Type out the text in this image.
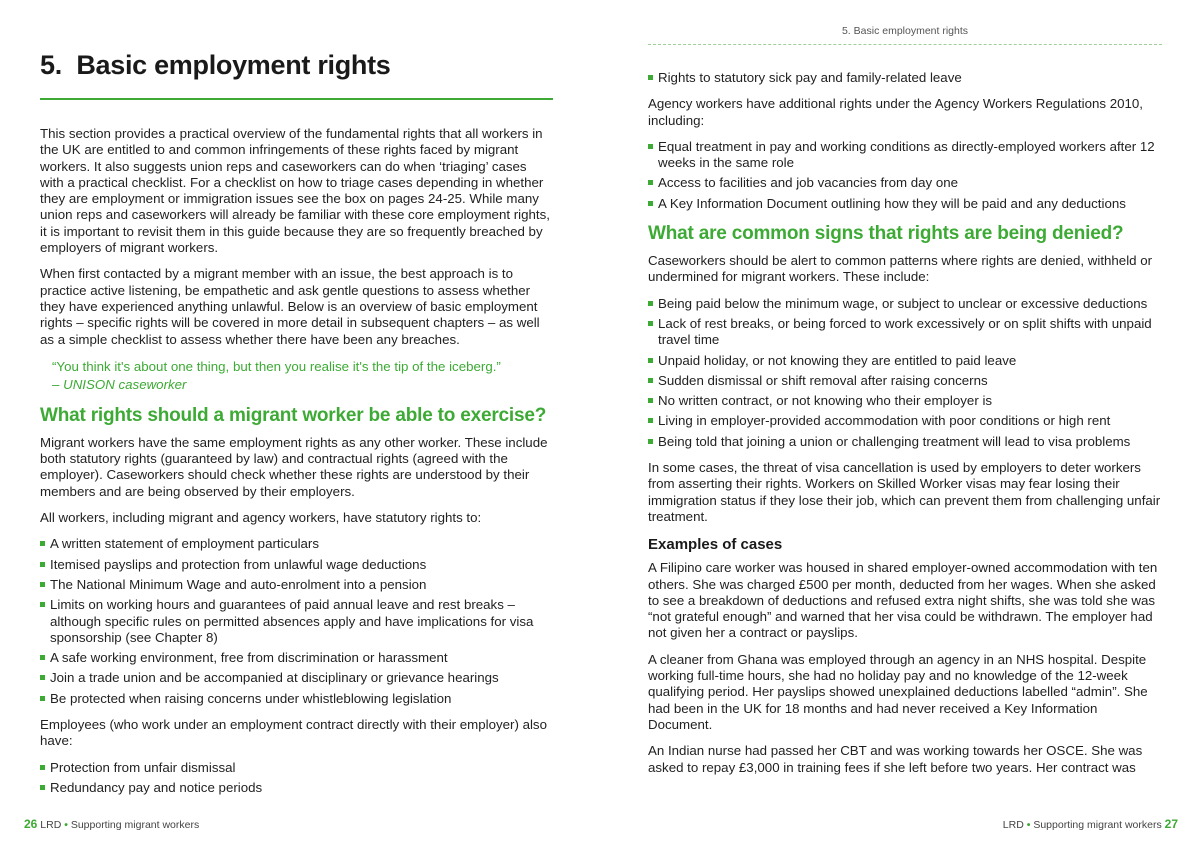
5. Basic employment rights

This section provides a practical overview of the fundamental rights that all workers in the UK are entitled to and common infringements of these rights faced by migrant workers. It also suggests union reps and caseworkers can do when ‘triaging’ cases with a practical checklist. For a checklist on how to triage cases depending in whether they are employment or immigration issues see the box on pages 24-25. While many union reps and caseworkers will already be familiar with these core employment rights, it is important to revisit them in this guide because they are so frequently breached by employers of migrant workers.

When first contacted by a migrant member with an issue, the best approach is to practice active listening, be empathetic and ask gentle questions to assess whether they have experienced anything unlawful. Below is an overview of basic employment rights – specific rights will be covered in more detail in subsequent chapters – as well as a simple checklist to assess whether there have been any breaches.

“You think it's about one thing, but then you realise it's the tip of the iceberg.”
– UNISON caseworker
What rights should a migrant worker be able to exercise?

Migrant workers have the same employment rights as any other worker. These include both statutory rights (guaranteed by law) and contractual rights (agreed with the employer). Caseworkers should check whether these rights are understood by their members and are being observed by their employers.

All workers, including migrant and agency workers, have statutory rights to:

A written statement of employment particulars
Itemised payslips and protection from unlawful wage deductions
The National Minimum Wage and auto-enrolment into a pension
Limits on working hours and guarantees of paid annual leave and rest breaks – although specific rules on permitted absences apply and have implications for visa sponsorship (see Chapter 8)
A safe working environment, free from discrimination or harassment
Join a trade union and be accompanied at disciplinary or grievance hearings
Be protected when raising concerns under whistleblowing legislation

Employees (who work under an employment contract directly with their employer) also have:

Protection from unfair dismissal
Redundancy pay and notice periods
26 LRD • Supporting migrant workers
5. Basic employment rights
Rights to statutory sick pay and family-related leave

Agency workers have additional rights under the Agency Workers Regulations 2010, including:

Equal treatment in pay and working conditions as directly-employed workers after 12 weeks in the same role
Access to facilities and job vacancies from day one
A Key Information Document outlining how they will be paid and any deductions
What are common signs that rights are being denied?

Caseworkers should be alert to common patterns where rights are denied, withheld or undermined for migrant workers. These include:

Being paid below the minimum wage, or subject to unclear or excessive deductions
Lack of rest breaks, or being forced to work excessively or on split shifts with unpaid travel time
Unpaid holiday, or not knowing they are entitled to paid leave
Sudden dismissal or shift removal after raising concerns
No written contract, or not knowing who their employer is
Living in employer-provided accommodation with poor conditions or high rent
Being told that joining a union or challenging treatment will lead to visa problems

In some cases, the threat of visa cancellation is used by employers to deter workers from asserting their rights. Workers on Skilled Worker visas may fear losing their immigration status if they lose their job, which can prevent them from challenging unfair treatment.

Examples of cases

A Filipino care worker was housed in shared employer-owned accommodation with ten others. She was charged £500 per month, deducted from her wages. When she asked to see a breakdown of deductions and refused extra night shifts, she was told she was “not grateful enough” and warned that her visa could be withdrawn. The employer had not given her a contract or payslips.

A cleaner from Ghana was employed through an agency in an NHS hospital. Despite working full-time hours, she had no holiday pay and no knowledge of the 12-week qualifying period. Her payslips showed unexplained deductions labelled “admin”. She had been in the UK for 18 months and had never received a Key Information Document.

An Indian nurse had passed her CBT and was working towards her OSCE. She was asked to repay £3,000 in training fees if she left before two years. Her contract was

LRD • Supporting migrant workers 27
